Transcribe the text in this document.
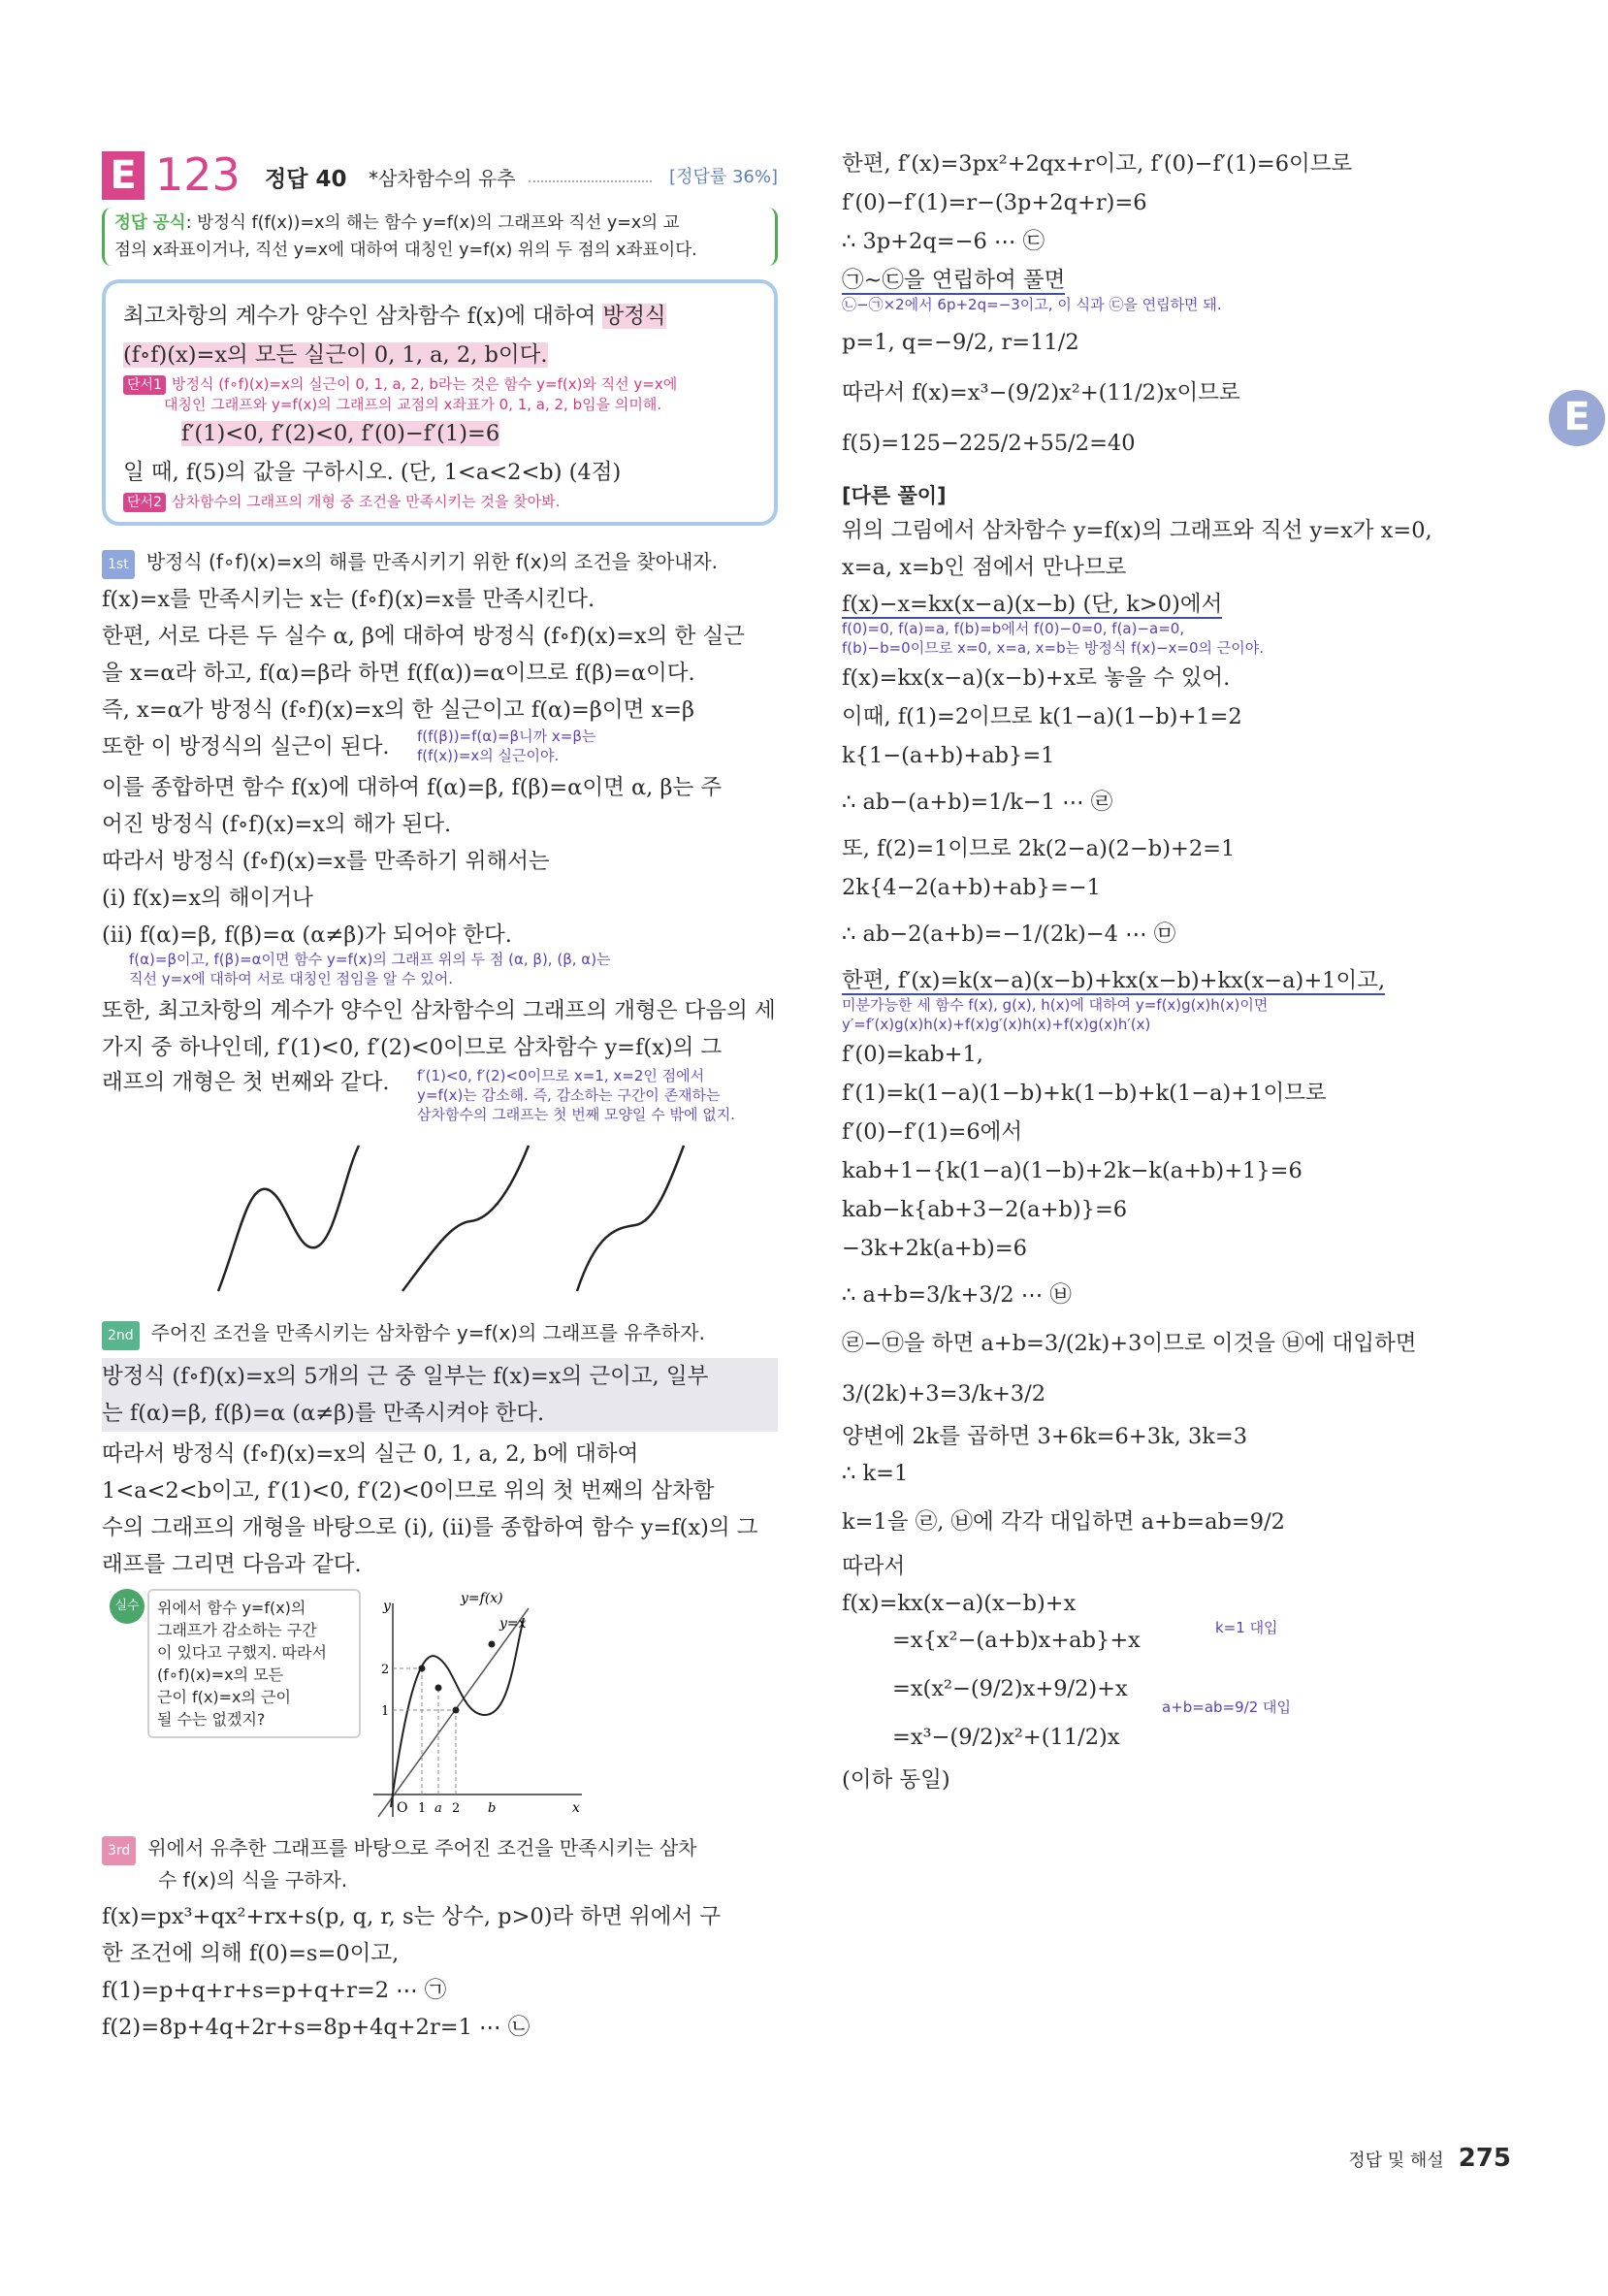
E 123 정답 40 *삼차함수의 유추	[정답률 36%]
정답 공식: 방정식 f(f(x))=x의 해는 함수 y=f(x)의 그래프와 직선 y=x의 교
점의 x좌표이거나, 직선 y=x에 대하여 대칭인 y=f(x) 위의 두 점의 x좌표이다.
최고차항의 계수가 양수인 삼차함수 f(x)에 대하여 방정식
(f∘f)(x)=x의 모든 실근이 0, 1, a, 2, b이다.
단서1 방정식 (f∘f)(x)=x의 실근이 0, 1, a, 2, b라는 것은 함수 y=f(x)와 직선 y=x에
대칭인 그래프와 y=f(x)의 그래프의 교점의 x좌표가 0, 1, a, 2, b임을 의미해.
f′(1)<0, f′(2)<0, f′(0)−f′(1)=6
일 때, f(5)의 값을 구하시오. (단, 1<a<2<b) (4점)
단서2 삼차함수의 그래프의 개형 중 조건을 만족시키는 것을 찾아봐.
1st 방정식 (f∘f)(x)=x의 해를 만족시키기 위한 f(x)의 조건을 찾아내자.
f(x)=x를 만족시키는 x는 (f∘f)(x)=x를 만족시킨다.
한편, 서로 다른 두 실수 α, β에 대하여 방정식 (f∘f)(x)=x의 한 실근
을 x=α라 하고, f(α)=β라 하면 f(f(α))=α이므로 f(β)=α이다.
즉, x=α가 방정식 (f∘f)(x)=x의 한 실근이고 f(α)=β이면 x=β
또한 이 방정식의 실근이 된다. f(f(β))=f(α)=β니까 x=β는
f(f(x))=x의 실근이야.
이를 종합하면 함수 f(x)에 대하여 f(α)=β, f(β)=α이면 α, β는 주
어진 방정식 (f∘f)(x)=x의 해가 된다.
따라서 방정식 (f∘f)(x)=x를 만족하기 위해서는
(i) f(x)=x의 해이거나
(ii) f(α)=β, f(β)=α (α≠β)가 되어야 한다.
f(α)=β이고, f(β)=α이면 함수 y=f(x)의 그래프 위의 두 점 (α, β), (β, α)는
직선 y=x에 대하여 서로 대칭인 점임을 알 수 있어.
또한, 최고차항의 계수가 양수인 삼차함수의 그래프의 개형은 다음의 세
가지 중 하나인데, f′(1)<0, f′(2)<0이므로 삼차함수 y=f(x)의 그
래프의 개형은 첫 번째와 같다. f′(1)<0, f′(2)<0이므로 x=1, x=2인 점에서
y=f(x)는 감소해. 즉, 감소하는 구간이 존재하는
삼차함수의 그래프는 첫 번째 모양일 수 밖에 없지.
2nd 주어진 조건을 만족시키는 삼차함수 y=f(x)의 그래프를 유추하자.
방정식 (f∘f)(x)=x의 5개의 근 중 일부는 f(x)=x의 근이고, 일부
는 f(α)=β, f(β)=α (α≠β)를 만족시켜야 한다.
따라서 방정식 (f∘f)(x)=x의 실근 0, 1, a, 2, b에 대하여
1<a<2<b이고, f′(1)<0, f′(2)<0이므로 위의 첫 번째의 삼차함
수의 그래프의 개형을 바탕으로 (i), (ii)를 종합하여 함수 y=f(x)의 그
래프를 그리면 다음과 같다.
실수	위에서 함수 y=f(x)의
그래프가 감소하는 구간
이 있다고 구했지. 따라서
(f∘f)(x)=x의 모든
근이 f(x)=x의 근이
될 수는 없겠지?
y=f(x)
y=x
y
x
O 1 a 2 b
1
2
3rd 위에서 유추한 그래프를 바탕으로 주어진 조건을 만족시키는 삼차
수 f(x)의 식을 구하자.
f(x)=px³+qx²+rx+s(p, q, r, s는 상수, p>0)라 하면 위에서 구
한 조건에 의해 f(0)=s=0이고,
f(1)=p+q+r+s=p+q+r=2 ⋯ ㉠
f(2)=8p+4q+2r+s=8p+4q+2r=1 ⋯ ㉡
한편, f′(x)=3px²+2qx+r이고, f′(0)−f′(1)=6이므로
f′(0)−f′(1)=r−(3p+2q+r)=6
∴ 3p+2q=−6 ⋯ ㉢
㉠~㉢을 연립하여 풀면
㉡−㉠×2에서 6p+2q=−3이고, 이 식과 ㉢을 연립하면 돼.
p=1, q=−9/2, r=11/2
따라서 f(x)=x³−(9/2)x²+(11/2)x이므로
f(5)=125−225/2+55/2=40
[다른 풀이]
위의 그림에서 삼차함수 y=f(x)의 그래프와 직선 y=x가 x=0,
x=a, x=b인 점에서 만나므로
f(x)−x=kx(x−a)(x−b) (단, k>0)에서
f(0)=0, f(a)=a, f(b)=b에서 f(0)−0=0, f(a)−a=0,
f(b)−b=0이므로 x=0, x=a, x=b는 방정식 f(x)−x=0의 근이야.
f(x)=kx(x−a)(x−b)+x로 놓을 수 있어.
이때, f(1)=2이므로 k(1−a)(1−b)+1=2
k{1−(a+b)+ab}=1
∴ ab−(a+b)=1/k−1 ⋯ ㉣
또, f(2)=1이므로 2k(2−a)(2−b)+2=1
2k{4−2(a+b)+ab}=−1
∴ ab−2(a+b)=−1/(2k)−4 ⋯ ㉤
한편, f′(x)=k(x−a)(x−b)+kx(x−b)+kx(x−a)+1이고,
미분가능한 세 함수 f(x), g(x), h(x)에 대하여 y=f(x)g(x)h(x)이면
y′=f′(x)g(x)h(x)+f(x)g′(x)h(x)+f(x)g(x)h′(x)
f′(0)=kab+1,
f′(1)=k(1−a)(1−b)+k(1−b)+k(1−a)+1이므로
f′(0)−f′(1)=6에서
kab+1−{k(1−a)(1−b)+2k−k(a+b)+1}=6
kab−k{ab+3−2(a+b)}=6
−3k+2k(a+b)=6
∴ a+b=3/k+3/2 ⋯ ㉥
㉣−㉤을 하면 a+b=3/(2k)+3이므로 이것을 ㉥에 대입하면
3/(2k)+3=3/k+3/2
양변에 2k를 곱하면 3+6k=6+3k, 3k=3
∴ k=1
k=1을 ㉣, ㉥에 각각 대입하면 a+b=ab=9/2
따라서
f(x)=kx(x−a)(x−b)+x
=x{x²−(a+b)x+ab}+x	k=1 대입
=x(x²−(9/2)x+9/2)+x
a+b=ab=9/2 대입
=x³−(9/2)x²+(11/2)x
(이하 동일)
E
정답 및 해설 275
